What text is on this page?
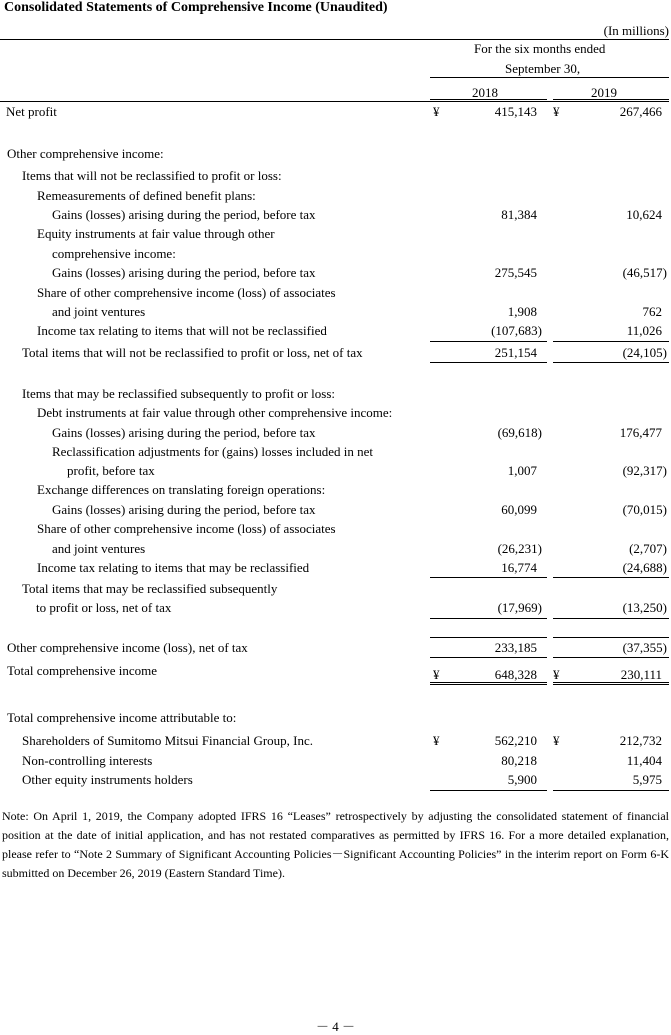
Consolidated Statements of Comprehensive Income (Unaudited)
(In millions)
For the six months ended
September 30,
2018	2019
Net profit	¥	415,143 ¥	267,466
Other comprehensive income:
Items that will not be reclassified to profit or loss:
Remeasurements of defined benefit plans:
Gains (losses) arising during the period, before tax	81,384	10,624
Equity instruments at fair value through other
comprehensive income:
Gains (losses) arising during the period, before tax	275,545	(46,517)
Share of other comprehensive income (loss) of associates
and joint ventures	1,908	762
Income tax relating to items that will not be reclassified	(107,683)	11,026
Total items that will not be reclassified to profit or loss, net of tax	251,154	(24,105)
Items that may be reclassified subsequently to profit or loss:
Debt instruments at fair value through other comprehensive income:
Gains (losses) arising during the period, before tax	(69,618)	176,477
Reclassification adjustments for (gains) losses included in net
profit, before tax	1,007	(92,317)
Exchange differences on translating foreign operations:
Gains (losses) arising during the period, before tax	60,099	(70,015)
Share of other comprehensive income (loss) of associates
and joint ventures	(26,231)	(2,707)
Income tax relating to items that may be reclassified	16,774	(24,688)
Total items that may be reclassified subsequently
to profit or loss, net of tax	(17,969)	(13,250)
Other comprehensive income (loss), net of tax	233,185	(37,355)
Total comprehensive income	¥	648,328 ¥	230,111
Total comprehensive income attributable to:
Shareholders of Sumitomo Mitsui Financial Group, Inc.	¥	562,210 ¥	212,732
Non-controlling interests	80,218	11,404
Other equity instruments holders	5,900	5,975
Note: On April 1, 2019, the Company adopted IFRS 16 “Leases” retrospectively by adjusting the consolidated statement of financial position at the date of initial application, and has not restated comparatives as permitted by IFRS 16. For a more detailed explanation, please refer to “Note 2 Summary of Significant Accounting Policies－Significant Accounting Policies” in the interim report on Form 6-K submitted on December 26, 2019 (Eastern Standard Time).
－ 4 －
